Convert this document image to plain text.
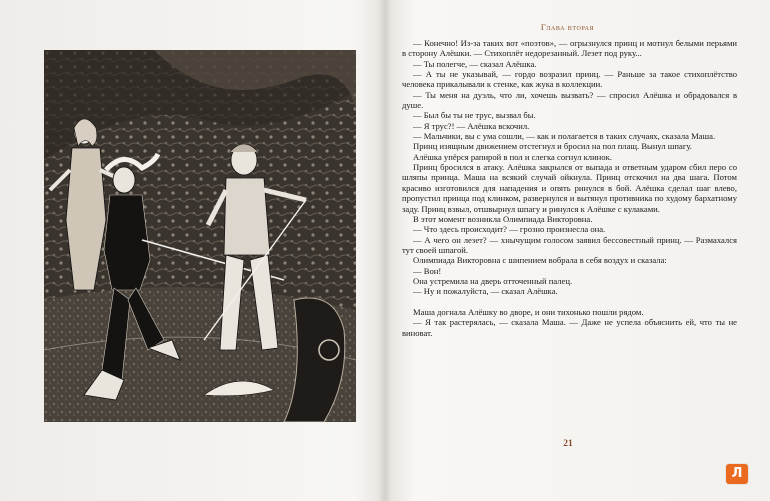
Глава вторая

— Конечно! Из-за таких вот «поэтов», — огрызнулся принц и мотнул белыми перьями в сторону Алёшки. — Стихоплёт недорезанный. Лезет под руку...

— Ты полегче, — сказал Алёшка.

— А ты не указывай, — гордо возразил принц. — Раньше за такое стихоплётство человека прикалывали к стенке, как жука в коллекции.

— Ты меня на дуэль, что ли, хочешь вызвать? — спросил Алёшка и обрадовался в душе.

— Был бы ты не трус, вызвал бы.

— Я трус?! — Алёшка вскочил.

— Мальчики, вы с ума сошли, — как и полагается в таких случаях, сказала Маша.

Принц изящным движением отстегнул и бросил на пол плащ. Вынул шпагу.

Алёшка упёрся рапирой в пол и слегка согнул клинок.

Принц бросился в атаку. Алёшка закрылся от выпада и ответным ударом сбил перо со шляпы принца. Маша на всякий случай ойкнула. Принц отскочил на два шага. Потом красиво изготовился для нападения и опять ринулся в бой. Алёшка сделал шаг влево, пропустил принца под клинком, развернулся и вытянул противника по худому бархатному заду. Принц взвыл, отшвырнул шпагу и ринулся к Алёшке с кулаками.

В этот момент возникла Олимпиада Викторовна.

— Что здесь происходит? — грозно произнесла она.

— А чего он лезет? — хнычущим голосом заявил бессовестный принц. — Размахался тут своей шпагой.

Олимпиада Викторовна с шипением вобрала в себя воздух и сказала:

— Вон!

Она устремила на дверь отточенный палец.

— Ну и пожалуйста, — сказал Алёшка.

Маша догнала Алёшку во дворе, и они тихонько пошли рядом.

— Я так растерялась, — сказала Маша. — Даже не успела объяснить ей, что ты не виноват.

21
Л
